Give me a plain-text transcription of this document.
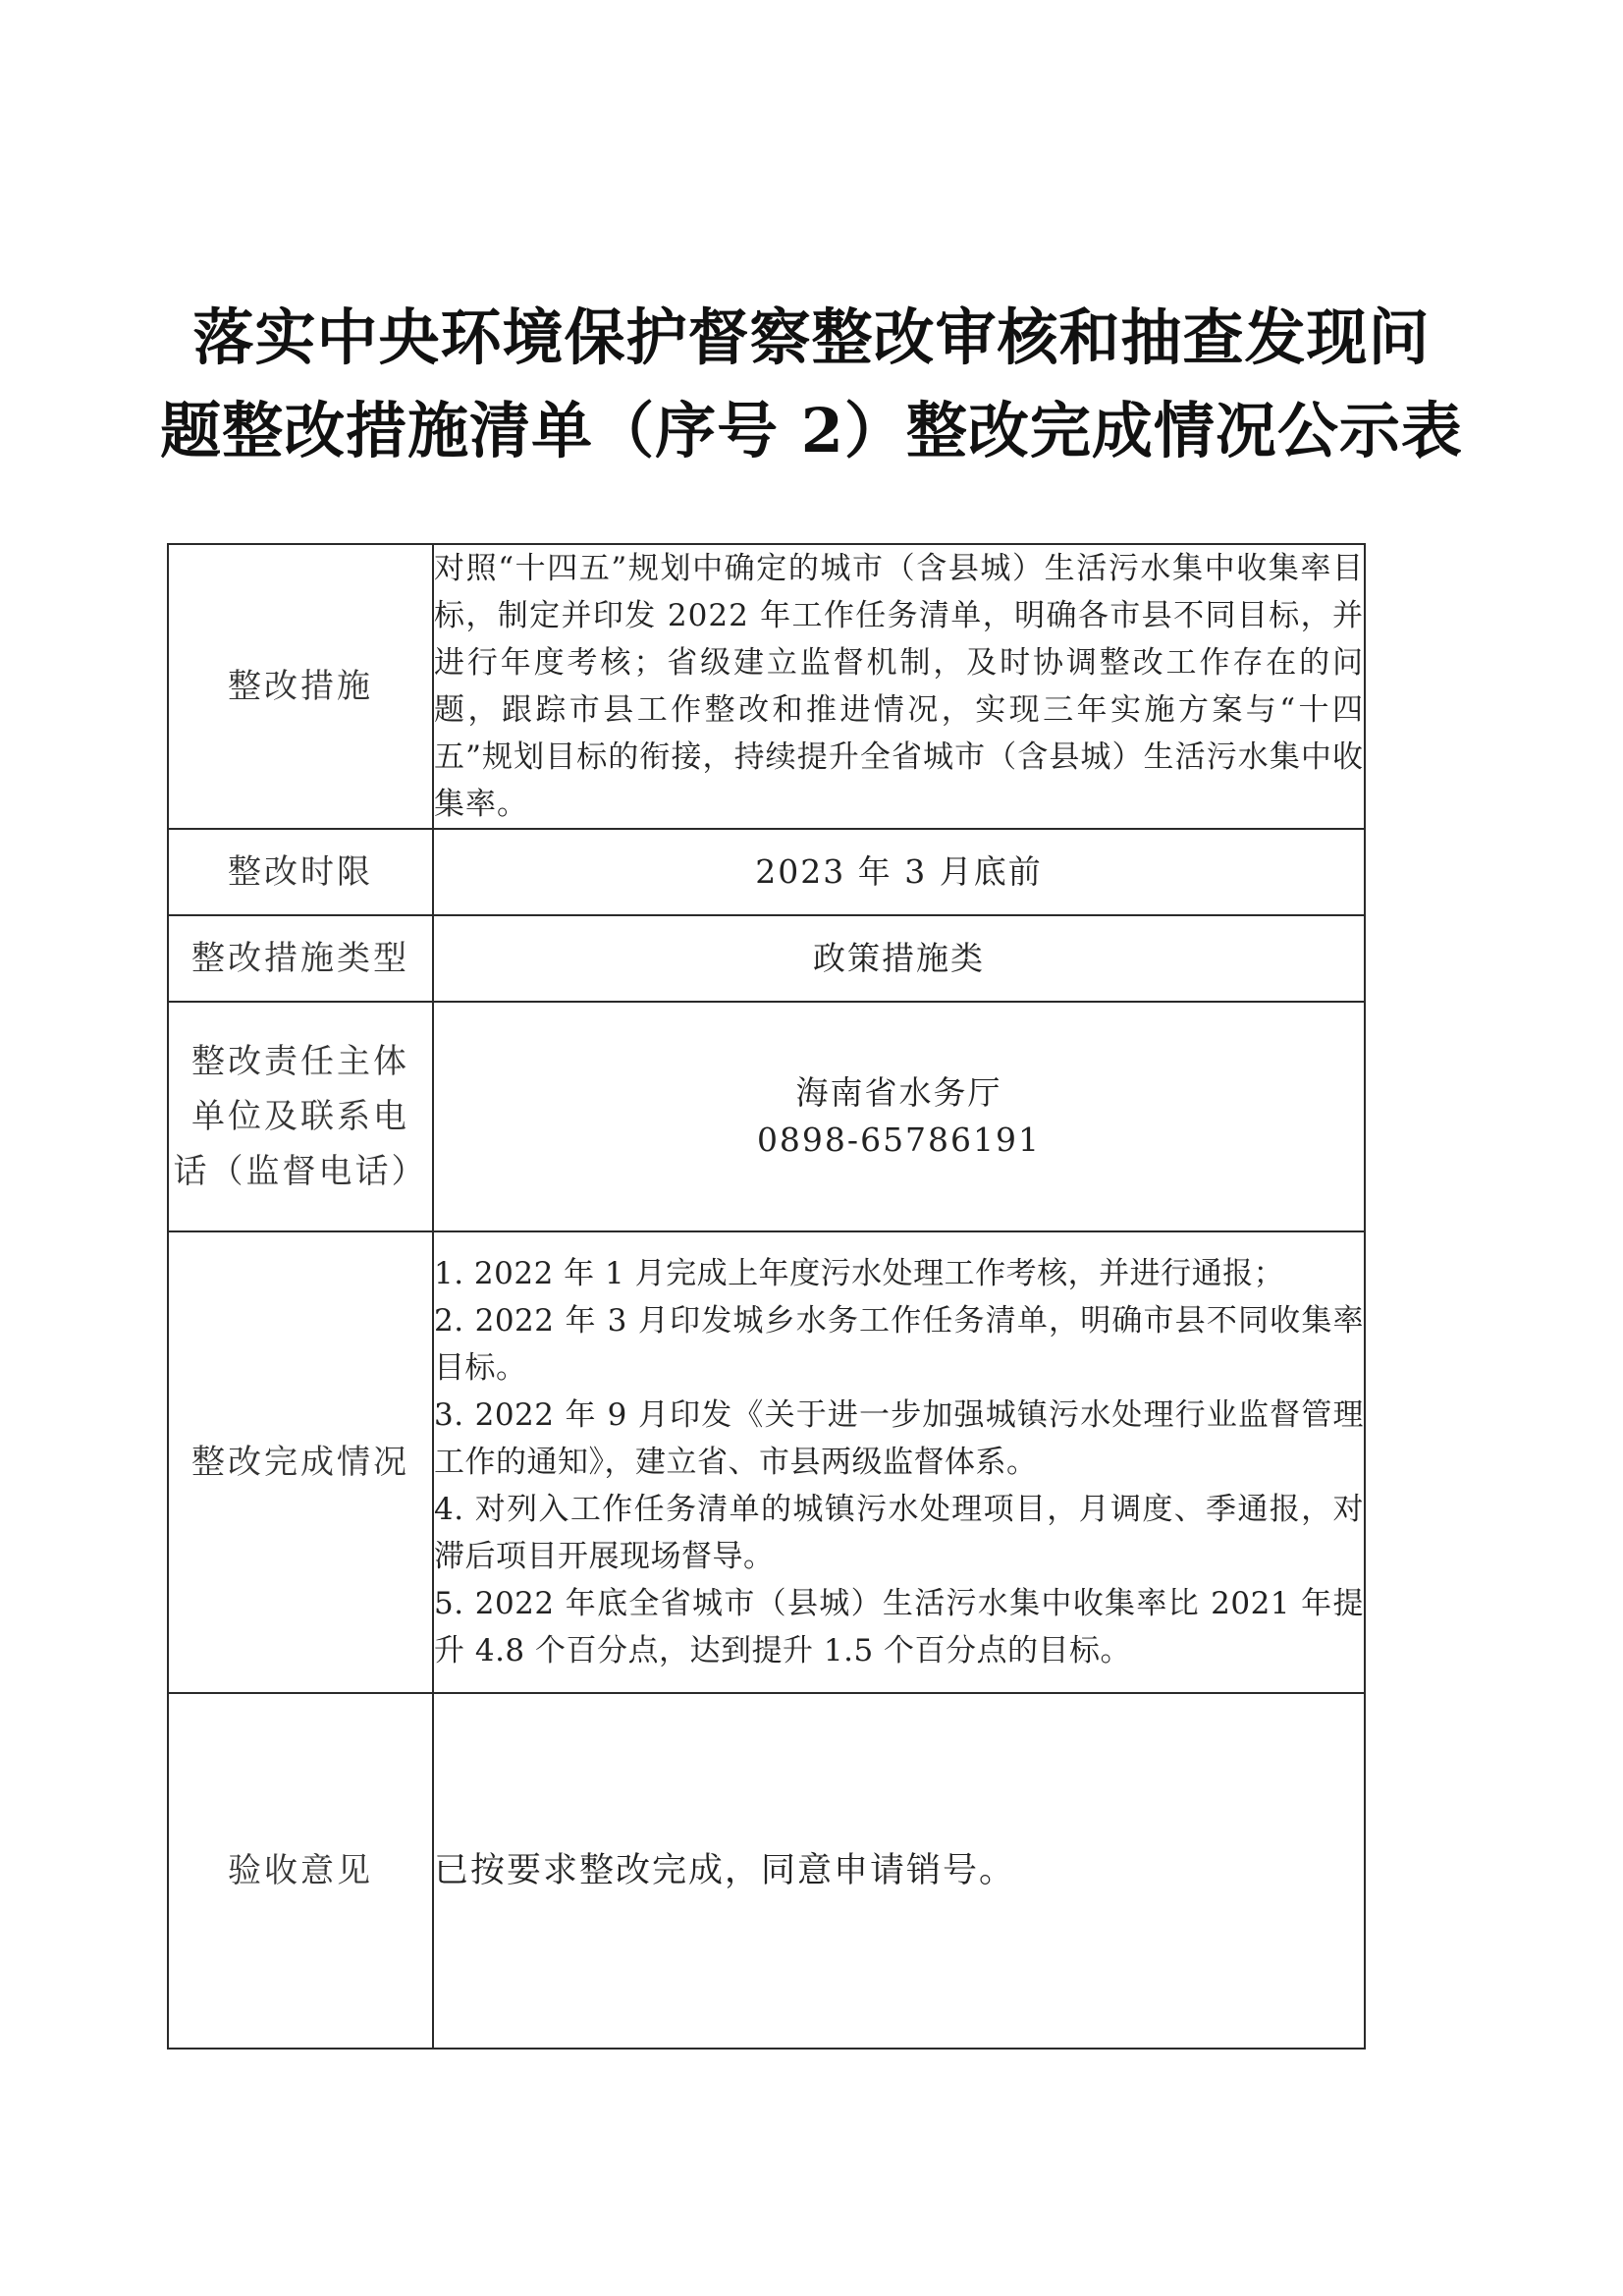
落实中央环境保护督察整改审核和抽查发现问
题整改措施清单（序号 2）整改完成情况公示表
整改措施	对照“十四五”规划中确定的城市（含县城）生活污水集中收集率目标，制定并印发 2022 年工作任务清单，明确各市县不同目标，并进行年度考核；省级建立监督机制，及时协调整改工作存在的问题，跟踪市县工作整改和推进情况，实现三年实施方案与“十四五”规划目标的衔接，持续提升全省城市（含县城）生活污水集中收集率。

整改时限	2023 年 3 月底前
整改措施类型	政策措施类

整改责任主体
单位及联系电
话（监督电话）	海南省水务厅
0898-65786191

整改完成情况	1. 2022 年 1 月完成上年度污水处理工作考核，并进行通报；
2. 2022 年 3 月印发城乡水务工作任务清单，明确市县不同收集率目标。
3. 2022 年 9 月印发《关于进一步加强城镇污水处理行业监督管理工作的通知》，建立省、市县两级监督体系。
4. 对列入工作任务清单的城镇污水处理项目，月调度、季通报，对滞后项目开展现场督导。
5. 2022 年底全省城市（县城）生活污水集中收集率比 2021 年提升 4.8 个百分点，达到提升 1.5 个百分点的目标。

验收意见	已按要求整改完成，同意申请销号。
